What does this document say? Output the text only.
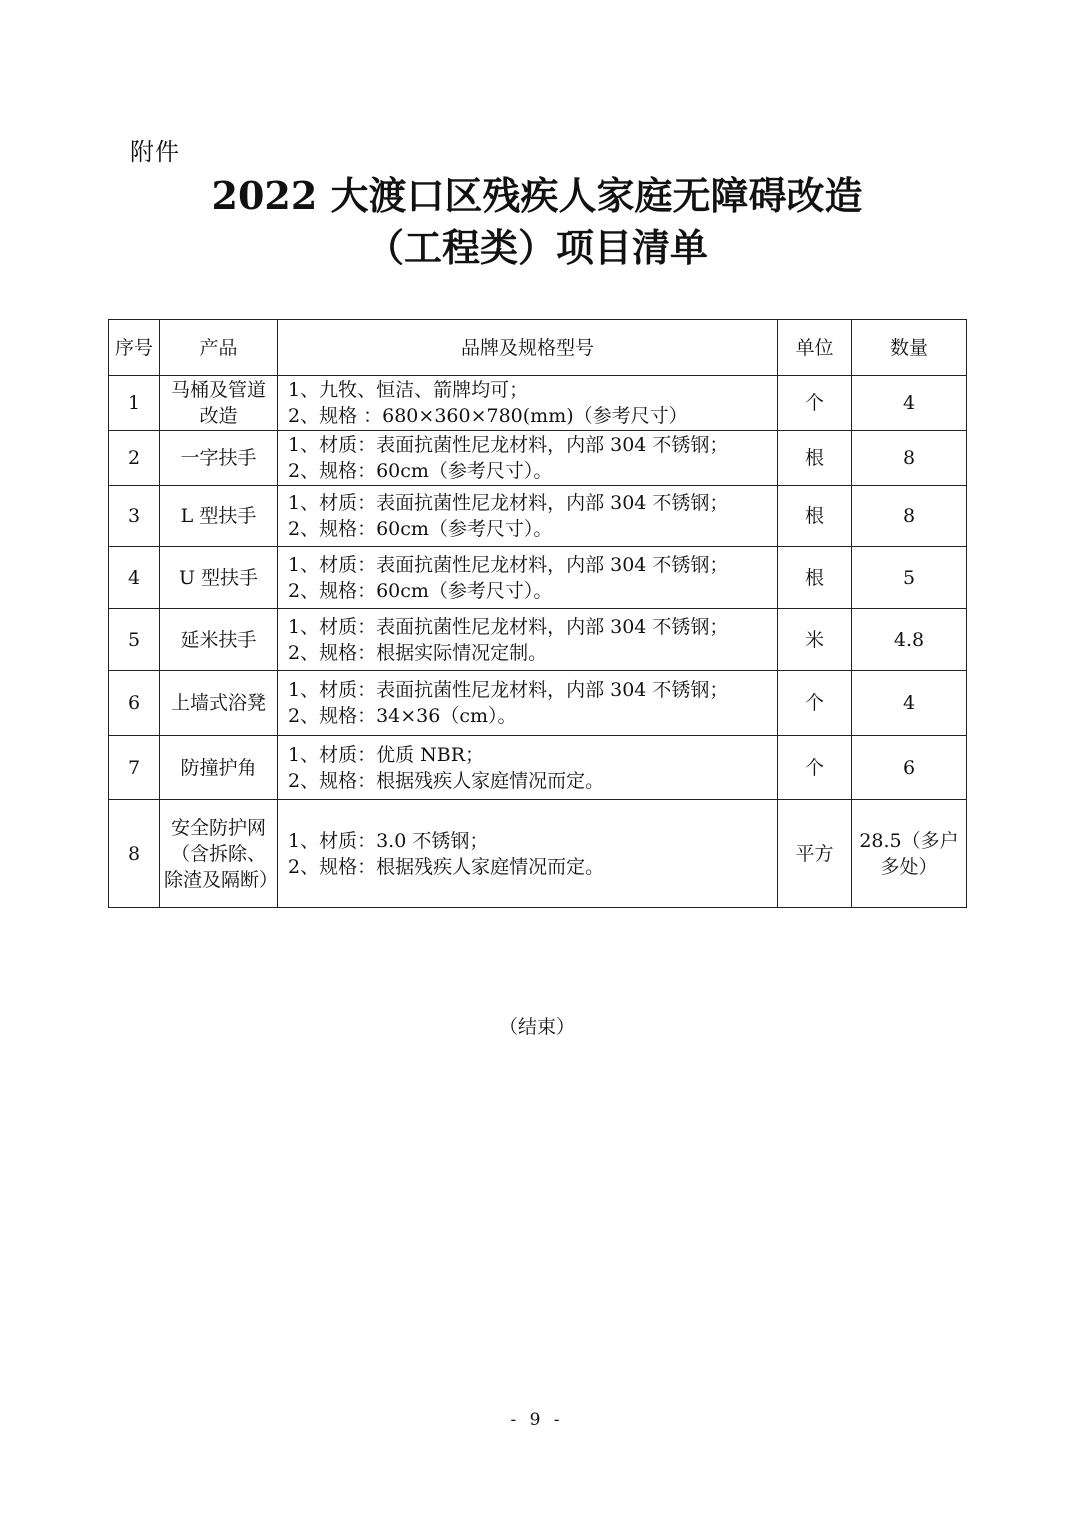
附件
2022 大渡口区残疾人家庭无障碍改造
（工程类）项目清单
序号	产品	品牌及规格型号	单位	数量
1	马桶及管道改造	1、九牧、恒洁、箭牌均可；
2、规格 ：680×360×780(mm)（参考尺寸）	个	4
2	一字扶手	1、材质：表面抗菌性尼龙材料，内部 304 不锈钢；
2、规格：60cm（参考尺寸）。	根	8
3	L 型扶手	1、材质：表面抗菌性尼龙材料，内部 304 不锈钢；
2、规格：60cm（参考尺寸）。	根	8
4	U 型扶手	1、材质：表面抗菌性尼龙材料，内部 304 不锈钢；
2、规格：60cm（参考尺寸）。	根	5
5	延米扶手	1、材质：表面抗菌性尼龙材料，内部 304 不锈钢；
2、规格：根据实际情况定制。	米	4.8
6	上墙式浴凳	1、材质：表面抗菌性尼龙材料，内部 304 不锈钢；
2、规格：34×36（cm）。	个	4
7	防撞护角	1、材质：优质 NBR；
2、规格：根据残疾人家庭情况而定。	个	6
8	安全防护网（含拆除、除渣及隔断）	1、材质：3.0 不锈钢；
2、规格：根据残疾人家庭情况而定。	平方	28.5（多户多处）
（结束）
- 9 -
